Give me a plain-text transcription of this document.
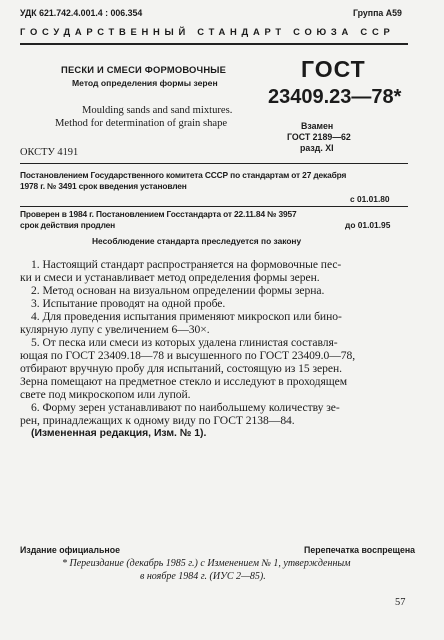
УДК 621.742.4.001.4 : 006.354	Группа А59
ГОСУДАРСТВЕННЫЙ СТАНДАРТ СОЮЗА ССР
ПЕСКИ И СМЕСИ ФОРМОВОЧНЫЕ
Метод определения формы зерен
Moulding sands and sand mixtures.
Method for determination of grain shape
ГОСТ
23409.23—78*
Взамен
ГОСТ 2189—62
разд. XI
ОКСТУ 4191
Постановлением Государственного комитета СССР по стандартам от 27 декабря
1978 г. № 3491 срок введения установлен
с 01.01.80
Проверен в 1984 г. Постановлением Госстандарта от 22.11.84 № 3957
срок действия продлен	до 01.01.95
Несоблюдение стандарта преследуется по закону
1. Настоящий стандарт распространяется на формовочные пес-
ки и смеси и устанавливает метод определения формы зерен.
2. Метод основан на визуальном определении формы зерна.
3. Испытание проводят на одной пробе.
4. Для проведения испытания применяют микроскоп или бино-
кулярную лупу с увеличением 6—30×.
5. От песка или смеси из которых удалена глинистая составля-
ющая по ГОСТ 23409.18—78 и высушенного по ГОСТ 23409.0—78,
отбирают вручную пробу для испытаний, состоящую из 15 зерен.
Зерна помещают на предметное стекло и исследуют в проходящем
свете под микроскопом или лупой.
6. Форму зерен устанавливают по наибольшему количеству зе-
рен, принадлежащих к одному виду по ГОСТ 2138—84.
(Измененная редакция, Изм. № 1).
Издание официальное	Перепечатка воспрещена
* Переиздание (декабрь 1985 г.) с Изменением № 1, утвержденным
в ноябре 1984 г. (ИУС 2—85).
57
